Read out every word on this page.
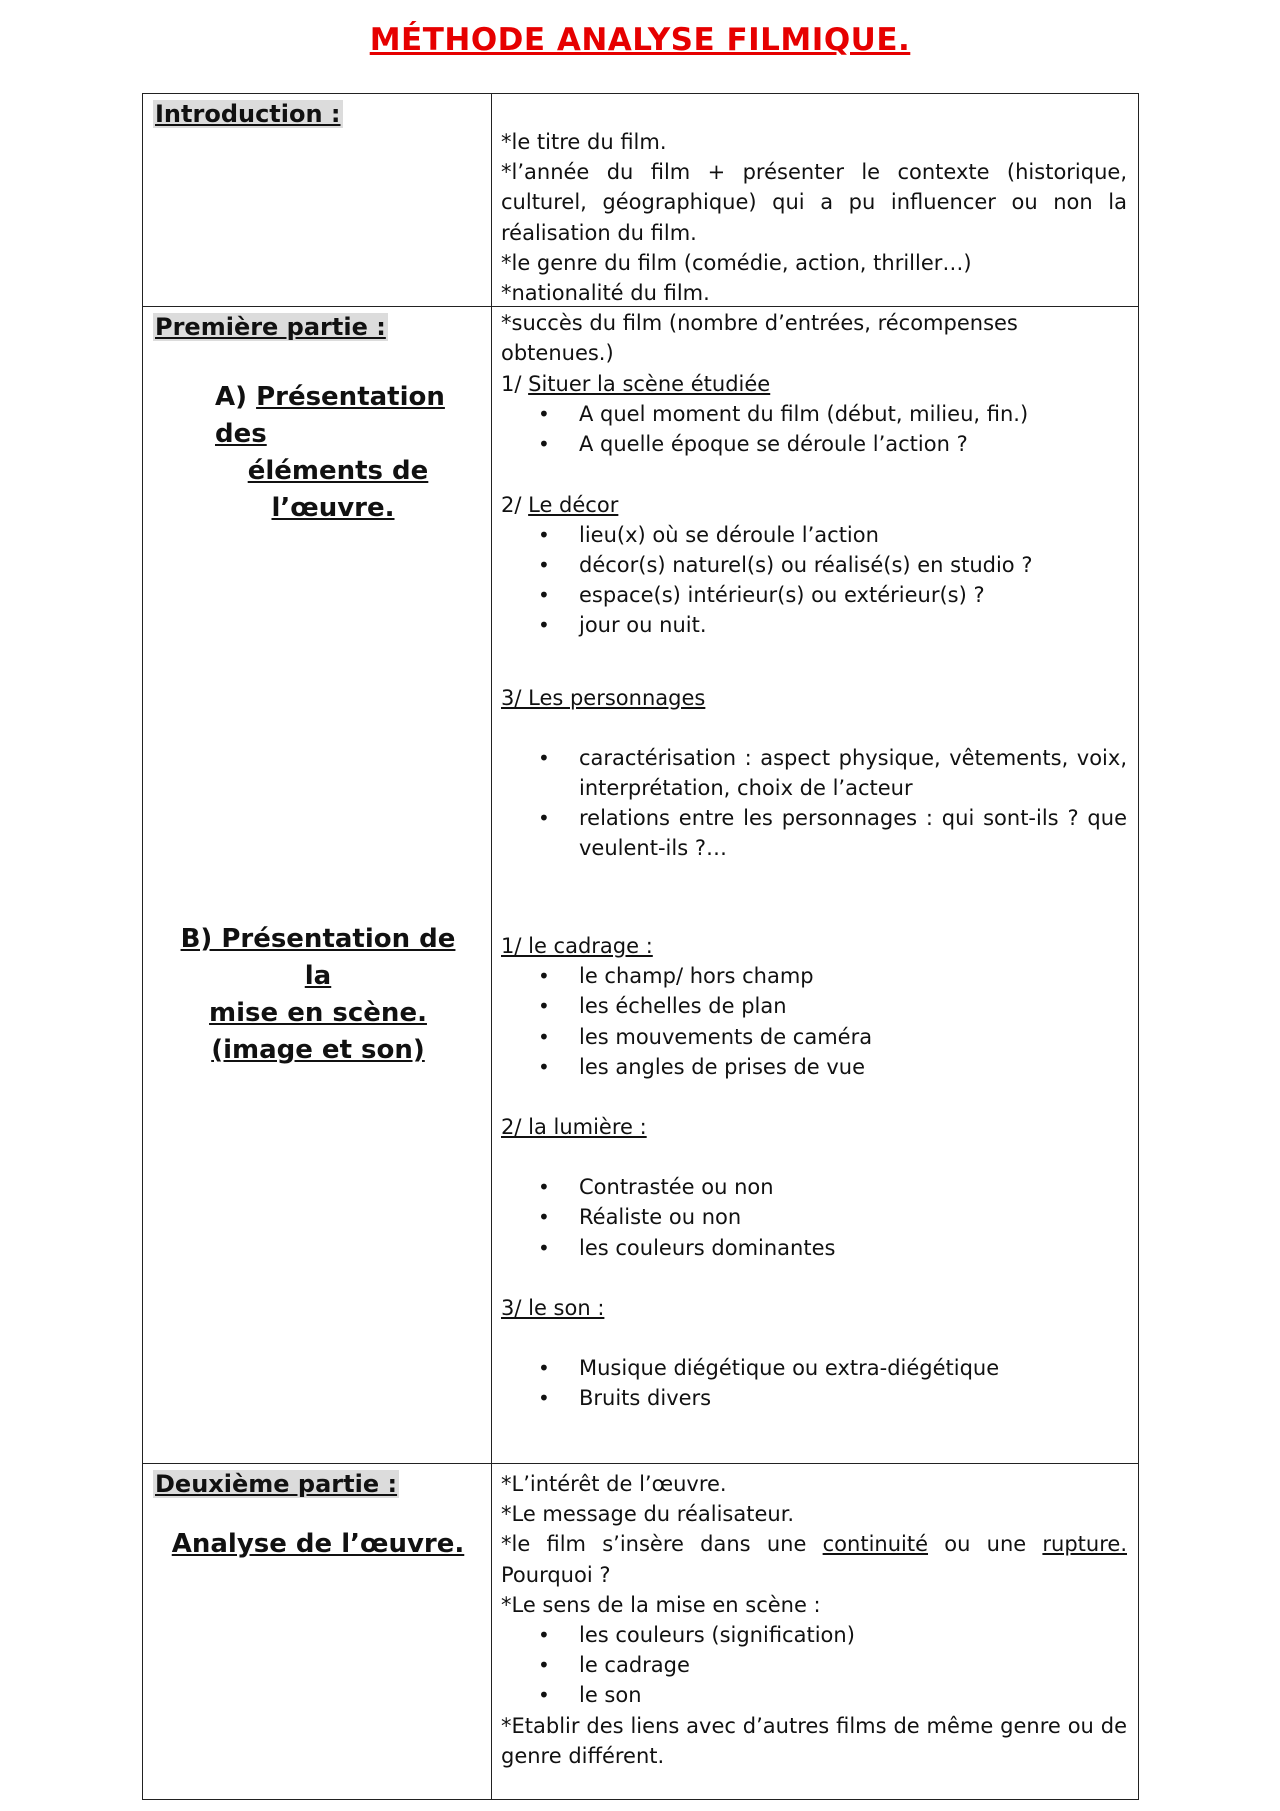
MÉTHODE ANALYSE FILMIQUE.
Introduction :

*le titre du film.

*l’année du film + présenter le contexte (historique, culturel, géographique) qui a pu influencer ou non la réalisation du film.

*le genre du film (comédie, action, thriller…)

*nationalité du film.

*succès du film (nombre d’entrées, récompenses obtenues.)

Première partie :
A) Présentation des
éléments de
l’œuvre.
B) Présentation de la
mise en scène.
(image et son)

1/ Situer la scène étudiée

• A quel moment du film (début, milieu, fin.)
• A quelle époque se déroule l’action ?

2/ Le décor

• lieu(x) où se déroule l’action
• décor(s) naturel(s) ou réalisé(s) en studio ?
• espace(s) intérieur(s) ou extérieur(s) ?
• jour ou nuit.

3/ Les personnages

• caractérisation : aspect physique, vêtements, voix, interprétation, choix de l’acteur
• relations entre les personnages : qui sont-ils ? que veulent-ils ?…

1/ le cadrage :

• le champ/ hors champ
• les échelles de plan
• les mouvements de caméra
• les angles de prises de vue

2/ la lumière :

• Contrastée ou non
• Réaliste ou non
• les couleurs dominantes

3/ le son :

• Musique diégétique ou extra-diégétique
• Bruits divers
Deuxième partie :
Analyse de l’œuvre.

*L’intérêt de l’œuvre.

*Le message du réalisateur.

*le film s’insère dans une continuité ou une rupture.

Pourquoi ?

*Le sens de la mise en scène :

• les couleurs (signification)
• le cadrage
• le son

*Etablir des liens avec d’autres films de même genre ou de genre différent.
